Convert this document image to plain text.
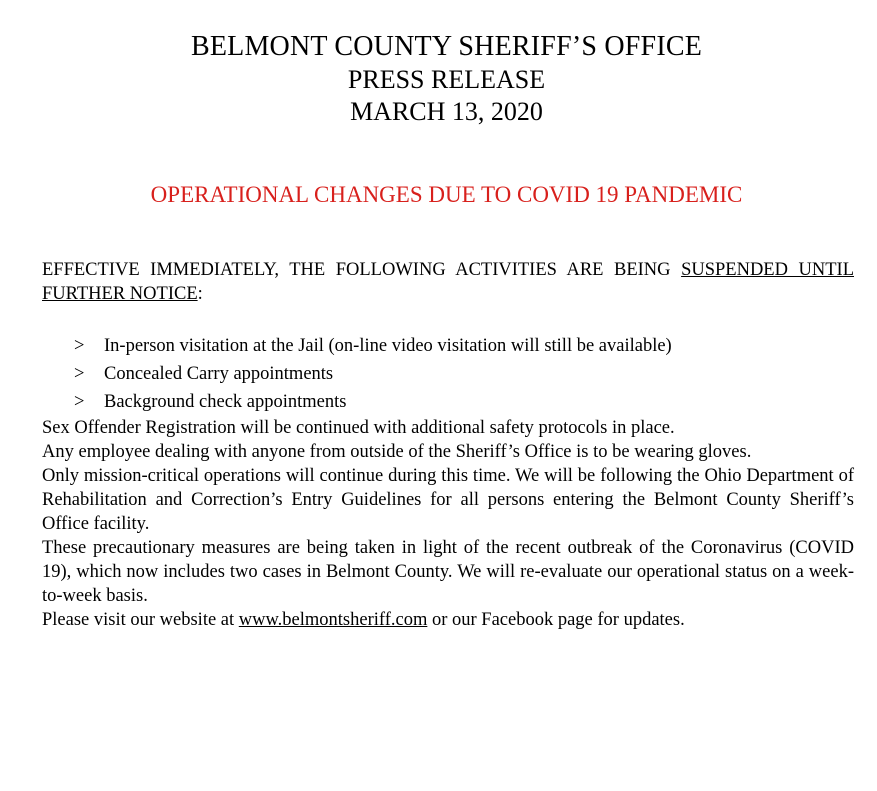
BELMONT COUNTY SHERIFF’S OFFICE
PRESS RELEASE
MARCH 13, 2020
OPERATIONAL CHANGES DUE TO COVID 19 PANDEMIC

EFFECTIVE IMMEDIATELY, THE FOLLOWING ACTIVITIES ARE BEING SUSPENDED UNTIL FURTHER NOTICE:

> In-person visitation at the Jail (on-line video visitation will still be available)
> Concealed Carry appointments
> Background check appointments

Sex Offender Registration will be continued with additional safety protocols in place.

Any employee dealing with anyone from outside of the Sheriff’s Office is to be wearing gloves.

Only mission-critical operations will continue during this time. We will be following the Ohio Department of Rehabilitation and Correction’s Entry Guidelines for all persons entering the Belmont County Sheriff’s Office facility.

These precautionary measures are being taken in light of the recent outbreak of the Coronavirus (COVID 19), which now includes two cases in Belmont County. We will re-evaluate our operational status on a week-to-week basis.

Please visit our website at www.belmontsheriff.com or our Facebook page for updates.
